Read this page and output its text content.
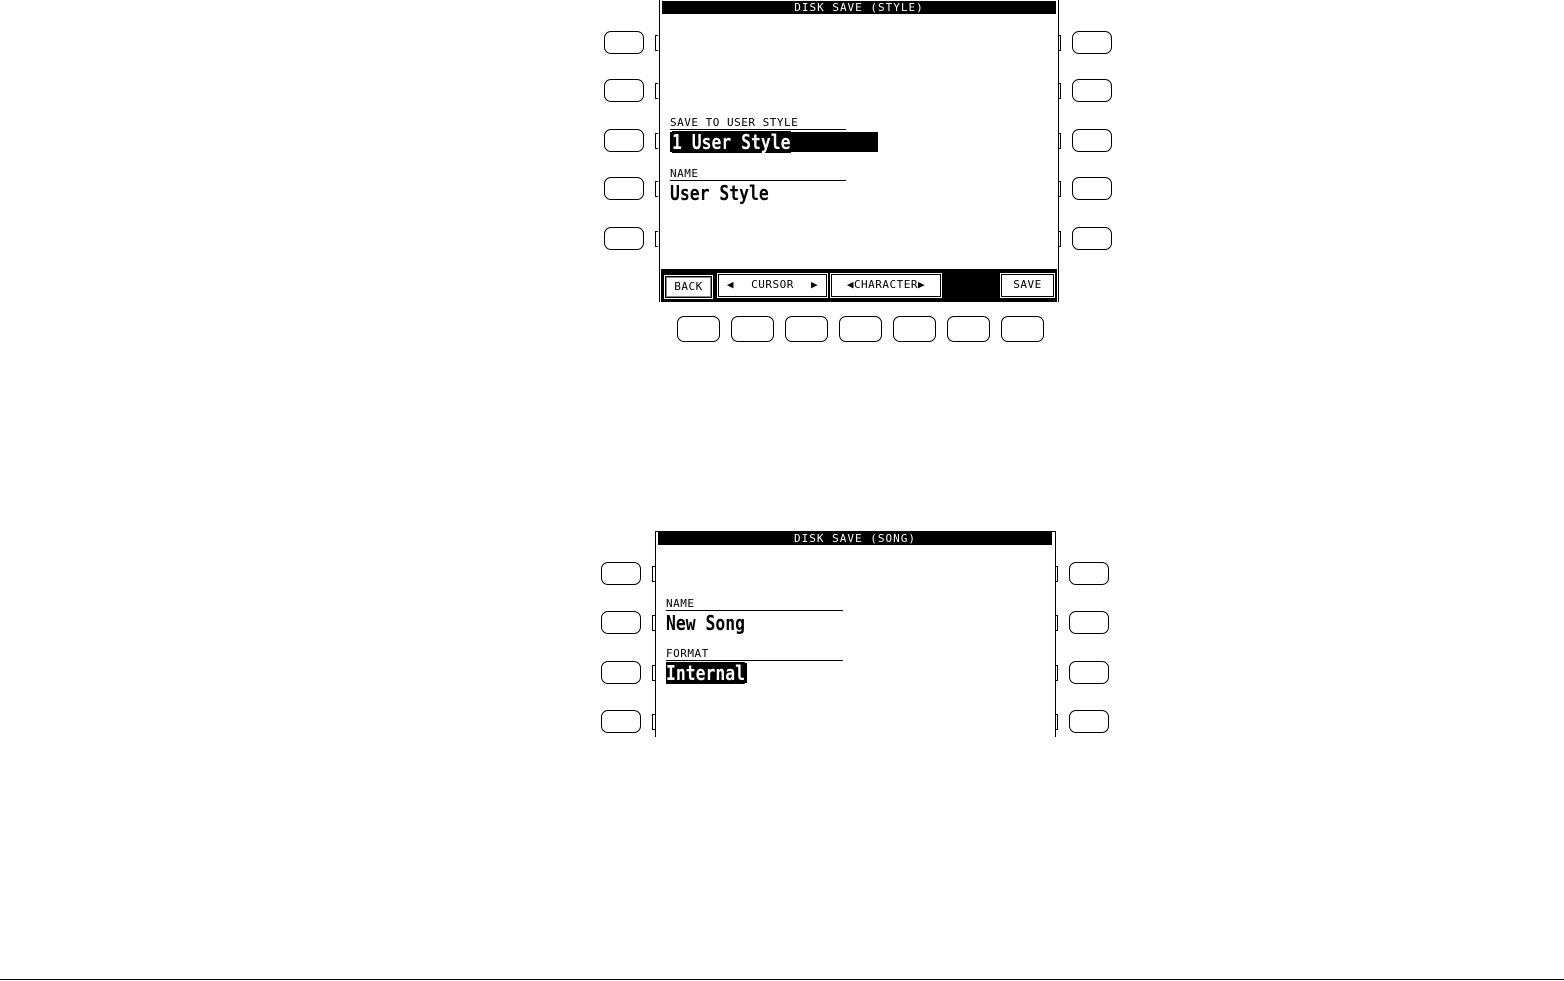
DISK SAVE (STYLE)
SAVE TO USER STYLE
1 User Style
NAME
User Style
BACK	◀ CURSOR ▶	◀CHARACTER▶	SAVE
DISK SAVE (SONG)
NAME
New Song
FORMAT
Internal
